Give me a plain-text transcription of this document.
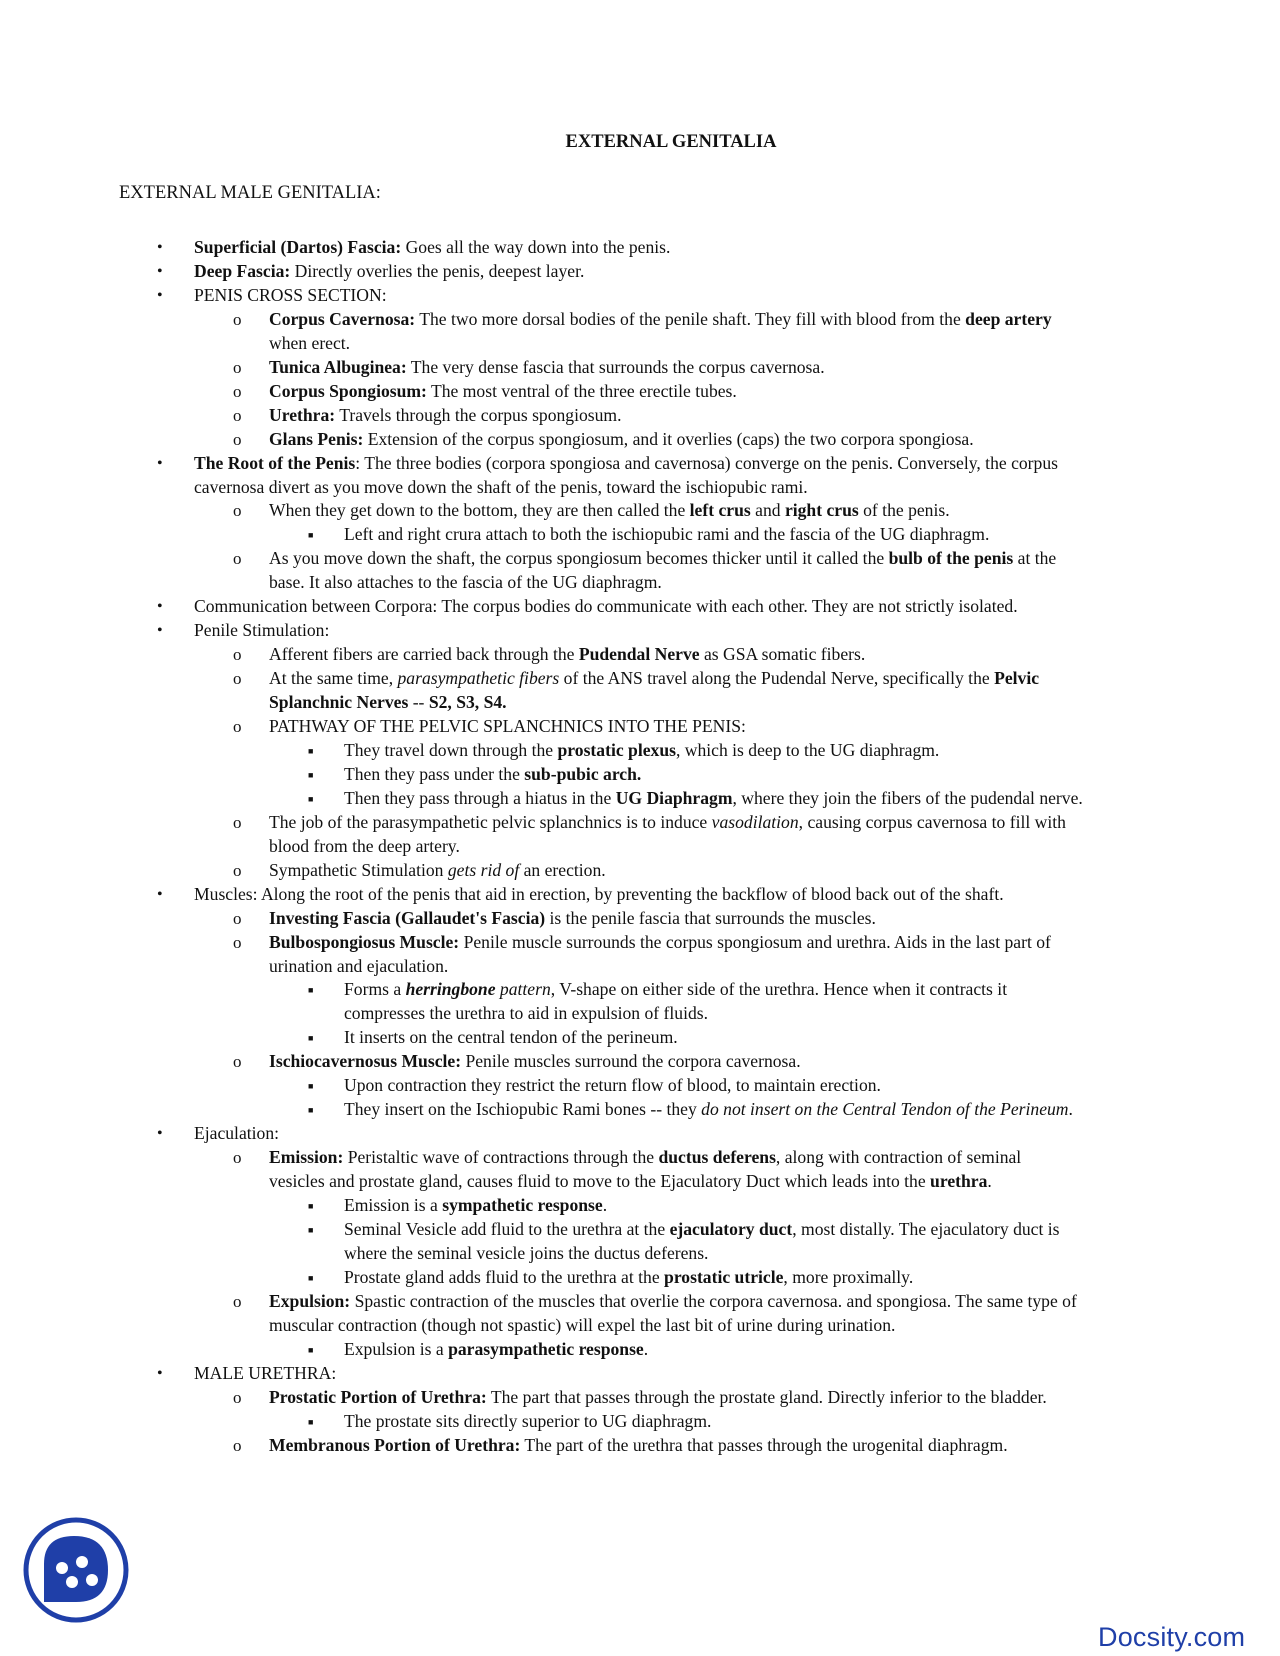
EXTERNAL GENITALIA
EXTERNAL MALE GENITALIA:
• Superficial (Dartos) Fascia: Goes all the way down into the penis.
• Deep Fascia: Directly overlies the penis, deepest layer.
• PENIS CROSS SECTION:
o Corpus Cavernosa: The two more dorsal bodies of the penile shaft. They fill with blood from the deep artery
when erect.
o Tunica Albuginea: The very dense fascia that surrounds the corpus cavernosa.
o Corpus Spongiosum: The most ventral of the three erectile tubes.
o Urethra: Travels through the corpus spongiosum.
o Glans Penis: Extension of the corpus spongiosum, and it overlies (caps) the two corpora spongiosa.
• The Root of the Penis: The three bodies (corpora spongiosa and cavernosa) converge on the penis. Conversely, the corpus
cavernosa divert as you move down the shaft of the penis, toward the ischiopubic rami.
o When they get down to the bottom, they are then called the left crus and right crus of the penis.
■ Left and right crura attach to both the ischiopubic rami and the fascia of the UG diaphragm.
o As you move down the shaft, the corpus spongiosum becomes thicker until it called the bulb of the penis at the
base. It also attaches to the fascia of the UG diaphragm.
• Communication between Corpora: The corpus bodies do communicate with each other. They are not strictly isolated.
• Penile Stimulation:
o Afferent fibers are carried back through the Pudendal Nerve as GSA somatic fibers.
o At the same time, parasympathetic fibers of the ANS travel along the Pudendal Nerve, specifically the Pelvic
Splanchnic Nerves -- S2, S3, S4.
o PATHWAY OF THE PELVIC SPLANCHNICS INTO THE PENIS:
■ They travel down through the prostatic plexus, which is deep to the UG diaphragm.
■ Then they pass under the sub-pubic arch.
■ Then they pass through a hiatus in the UG Diaphragm, where they join the fibers of the pudendal nerve.
o The job of the parasympathetic pelvic splanchnics is to induce vasodilation, causing corpus cavernosa to fill with
blood from the deep artery.
o Sympathetic Stimulation gets rid of an erection.
• Muscles: Along the root of the penis that aid in erection, by preventing the backflow of blood back out of the shaft.
o Investing Fascia (Gallaudet's Fascia) is the penile fascia that surrounds the muscles.
o Bulbospongiosus Muscle: Penile muscle surrounds the corpus spongiosum and urethra. Aids in the last part of
urination and ejaculation.
■ Forms a herringbone pattern, V-shape on either side of the urethra. Hence when it contracts it
compresses the urethra to aid in expulsion of fluids.
■ It inserts on the central tendon of the perineum.
o Ischiocavernosus Muscle: Penile muscles surround the corpora cavernosa.
■ Upon contraction they restrict the return flow of blood, to maintain erection.
■ They insert on the Ischiopubic Rami bones -- they do not insert on the Central Tendon of the Perineum.
• Ejaculation:
o Emission: Peristaltic wave of contractions through the ductus deferens, along with contraction of seminal
vesicles and prostate gland, causes fluid to move to the Ejaculatory Duct which leads into the urethra.
■ Emission is a sympathetic response.
■ Seminal Vesicle add fluid to the urethra at the ejaculatory duct, most distally. The ejaculatory duct is
where the seminal vesicle joins the ductus deferens.
■ Prostate gland adds fluid to the urethra at the prostatic utricle, more proximally.
o Expulsion: Spastic contraction of the muscles that overlie the corpora cavernosa. and spongiosa. The same type of
muscular contraction (though not spastic) will expel the last bit of urine during urination.
■ Expulsion is a parasympathetic response.
• MALE URETHRA:
o Prostatic Portion of Urethra: The part that passes through the prostate gland. Directly inferior to the bladder.
■ The prostate sits directly superior to UG diaphragm.
o Membranous Portion of Urethra: The part of the urethra that passes through the urogenital diaphragm.
Docsity.com
